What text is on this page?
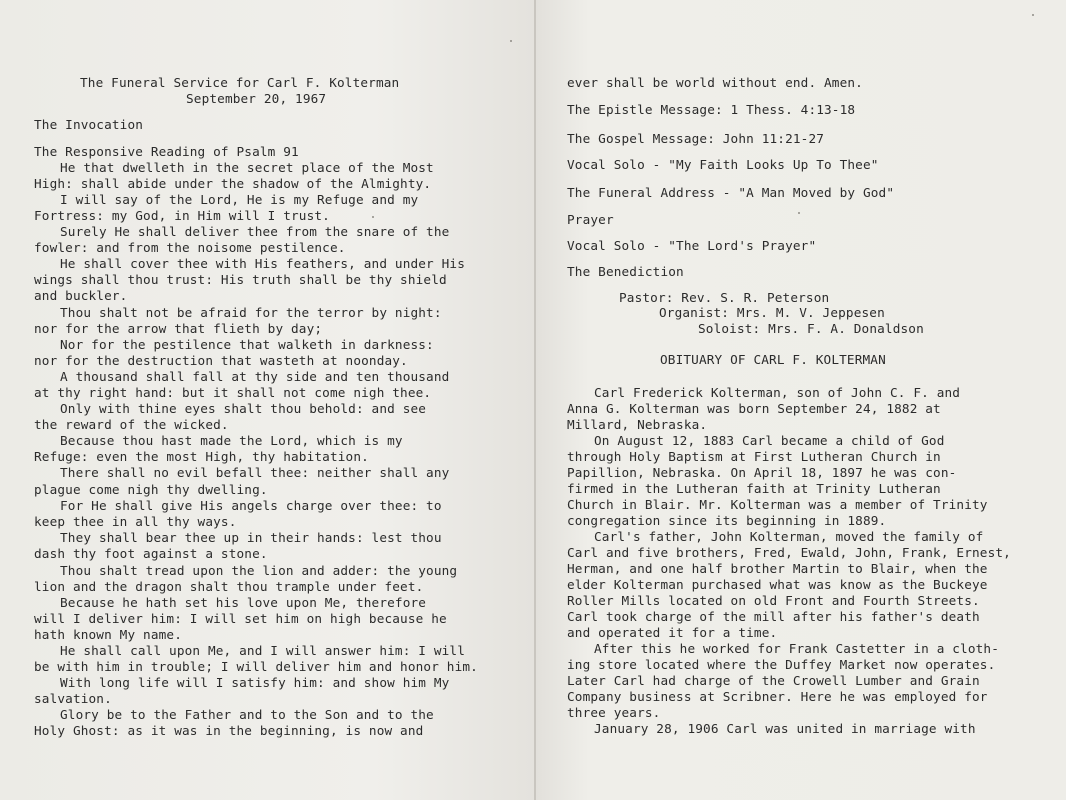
The Funeral Service for Carl F. Kolterman
September 20, 1967
The Invocation
The Responsive Reading of Psalm 91
He that dwelleth in the secret place of the Most
High: shall abide under the shadow of the Almighty.
I will say of the Lord, He is my Refuge and my
Fortress: my God, in Him will I trust.
Surely He shall deliver thee from the snare of the
fowler: and from the noisome pestilence.
He shall cover thee with His feathers, and under His
wings shall thou trust: His truth shall be thy shield
and buckler.
Thou shalt not be afraid for the terror by night:
nor for the arrow that flieth by day;
Nor for the pestilence that walketh in darkness:
nor for the destruction that wasteth at noonday.
A thousand shall fall at thy side and ten thousand
at thy right hand: but it shall not come nigh thee.
Only with thine eyes shalt thou behold: and see
the reward of the wicked.
Because thou hast made the Lord, which is my
Refuge: even the most High, thy habitation.
There shall no evil befall thee: neither shall any
plague come nigh thy dwelling.
For He shall give His angels charge over thee: to
keep thee in all thy ways.
They shall bear thee up in their hands: lest thou
dash thy foot against a stone.
Thou shalt tread upon the lion and adder: the young
lion and the dragon shalt thou trample under feet.
Because he hath set his love upon Me, therefore
will I deliver him: I will set him on high because he
hath known My name.
He shall call upon Me, and I will answer him: I will
be with him in trouble; I will deliver him and honor him.
With long life will I satisfy him: and show him My
salvation.
Glory be to the Father and to the Son and to the
Holy Ghost: as it was in the beginning, is now and
ever shall be world without end. Amen.
The Epistle Message: 1 Thess. 4:13-18
The Gospel Message: John 11:21-27
Vocal Solo - "My Faith Looks Up To Thee"
The Funeral Address - "A Man Moved by God"
Prayer
Vocal Solo - "The Lord's Prayer"
The Benediction
Pastor: Rev. S. R. Peterson
Organist: Mrs. M. V. Jeppesen
Soloist: Mrs. F. A. Donaldson
OBITUARY OF CARL F. KOLTERMAN
Carl Frederick Kolterman, son of John C. F. and
Anna G. Kolterman was born September 24, 1882 at
Millard, Nebraska.
On August 12, 1883 Carl became a child of God
through Holy Baptism at First Lutheran Church in
Papillion, Nebraska. On April 18, 1897 he was con-
firmed in the Lutheran faith at Trinity Lutheran
Church in Blair. Mr. Kolterman was a member of Trinity
congregation since its beginning in 1889.
Carl's father, John Kolterman, moved the family of
Carl and five brothers, Fred, Ewald, John, Frank, Ernest,
Herman, and one half brother Martin to Blair, when the
elder Kolterman purchased what was know as the Buckeye
Roller Mills located on old Front and Fourth Streets.
Carl took charge of the mill after his father's death
and operated it for a time.
After this he worked for Frank Castetter in a cloth-
ing store located where the Duffey Market now operates.
Later Carl had charge of the Crowell Lumber and Grain
Company business at Scribner. Here he was employed for
three years.
January 28, 1906 Carl was united in marriage with
